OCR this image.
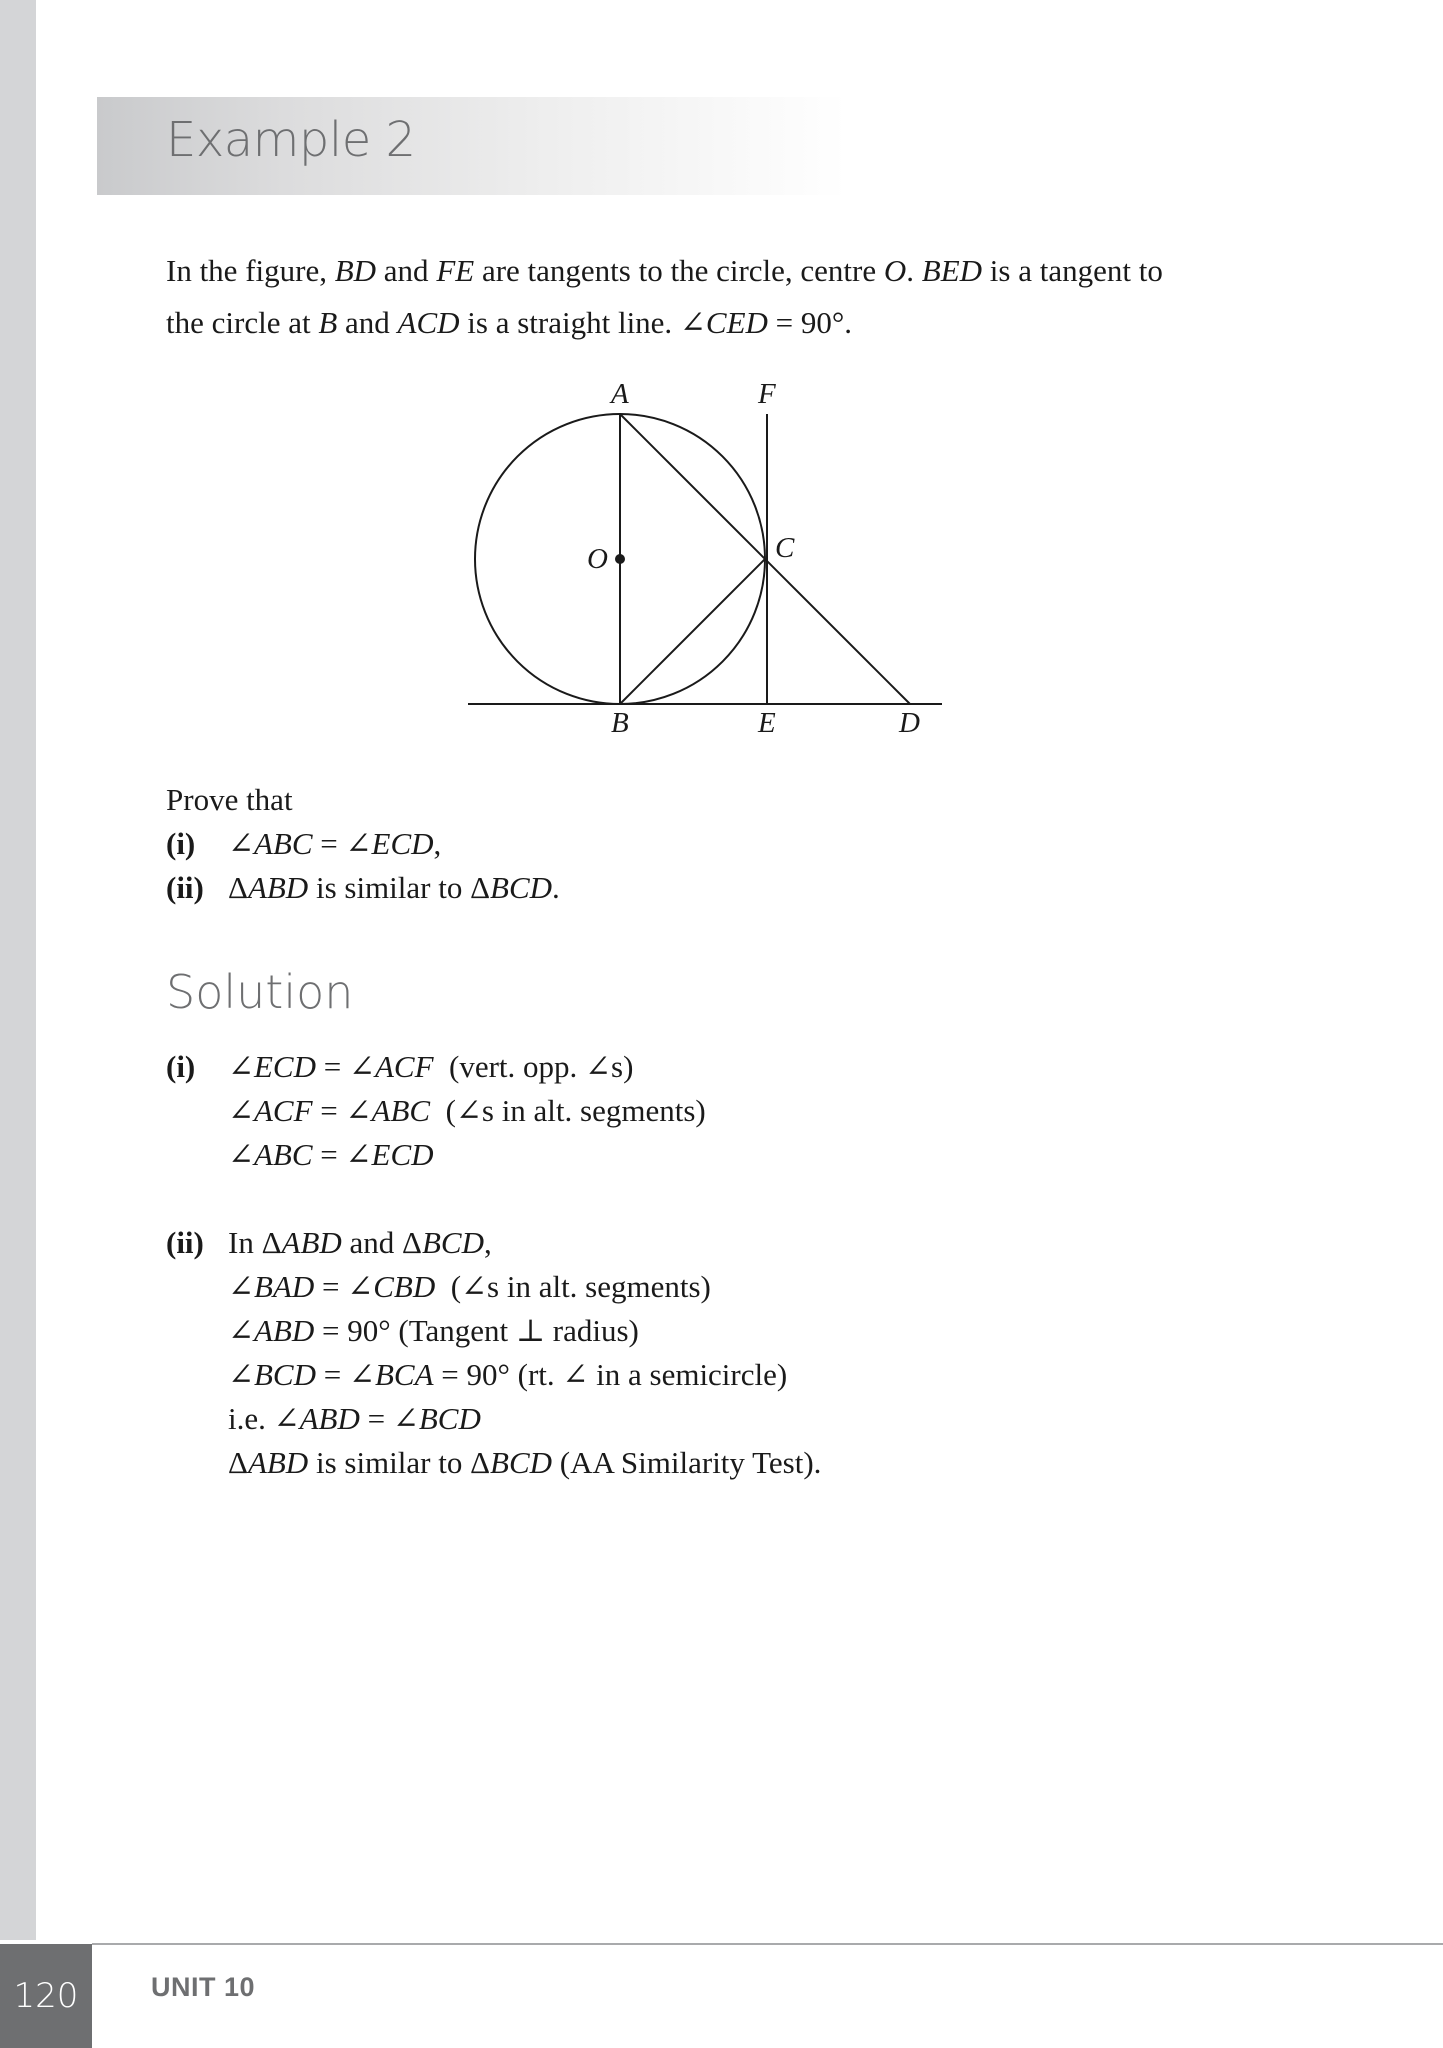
Example 2

In the figure, BD and FE are tangents to the circle, centre O. BED is a tangent to

the circle at B and ACD is a straight line. ∠CED = 90°.

A	F
O	C
B	E	D
Prove that
(i)	∠ABC = ∠ECD,
(ii) ΔABD is similar to ΔBCD.
Solution
(i)	∠ECD = ∠ACF  (vert. opp. ∠s)
∠ACF = ∠ABC  (∠s in alt. segments)
∠ABC = ∠ECD
(ii) In ΔABD and ΔBCD,
∠BAD = ∠CBD  (∠s in alt. segments)
∠ABD = 90° (Tangent ⊥ radius)
∠BCD = ∠BCA = 90° (rt. ∠ in a semicircle)
i.e. ∠ABD = ∠BCD
ΔABD is similar to ΔBCD (AA Similarity Test).
120	UNIT 10
